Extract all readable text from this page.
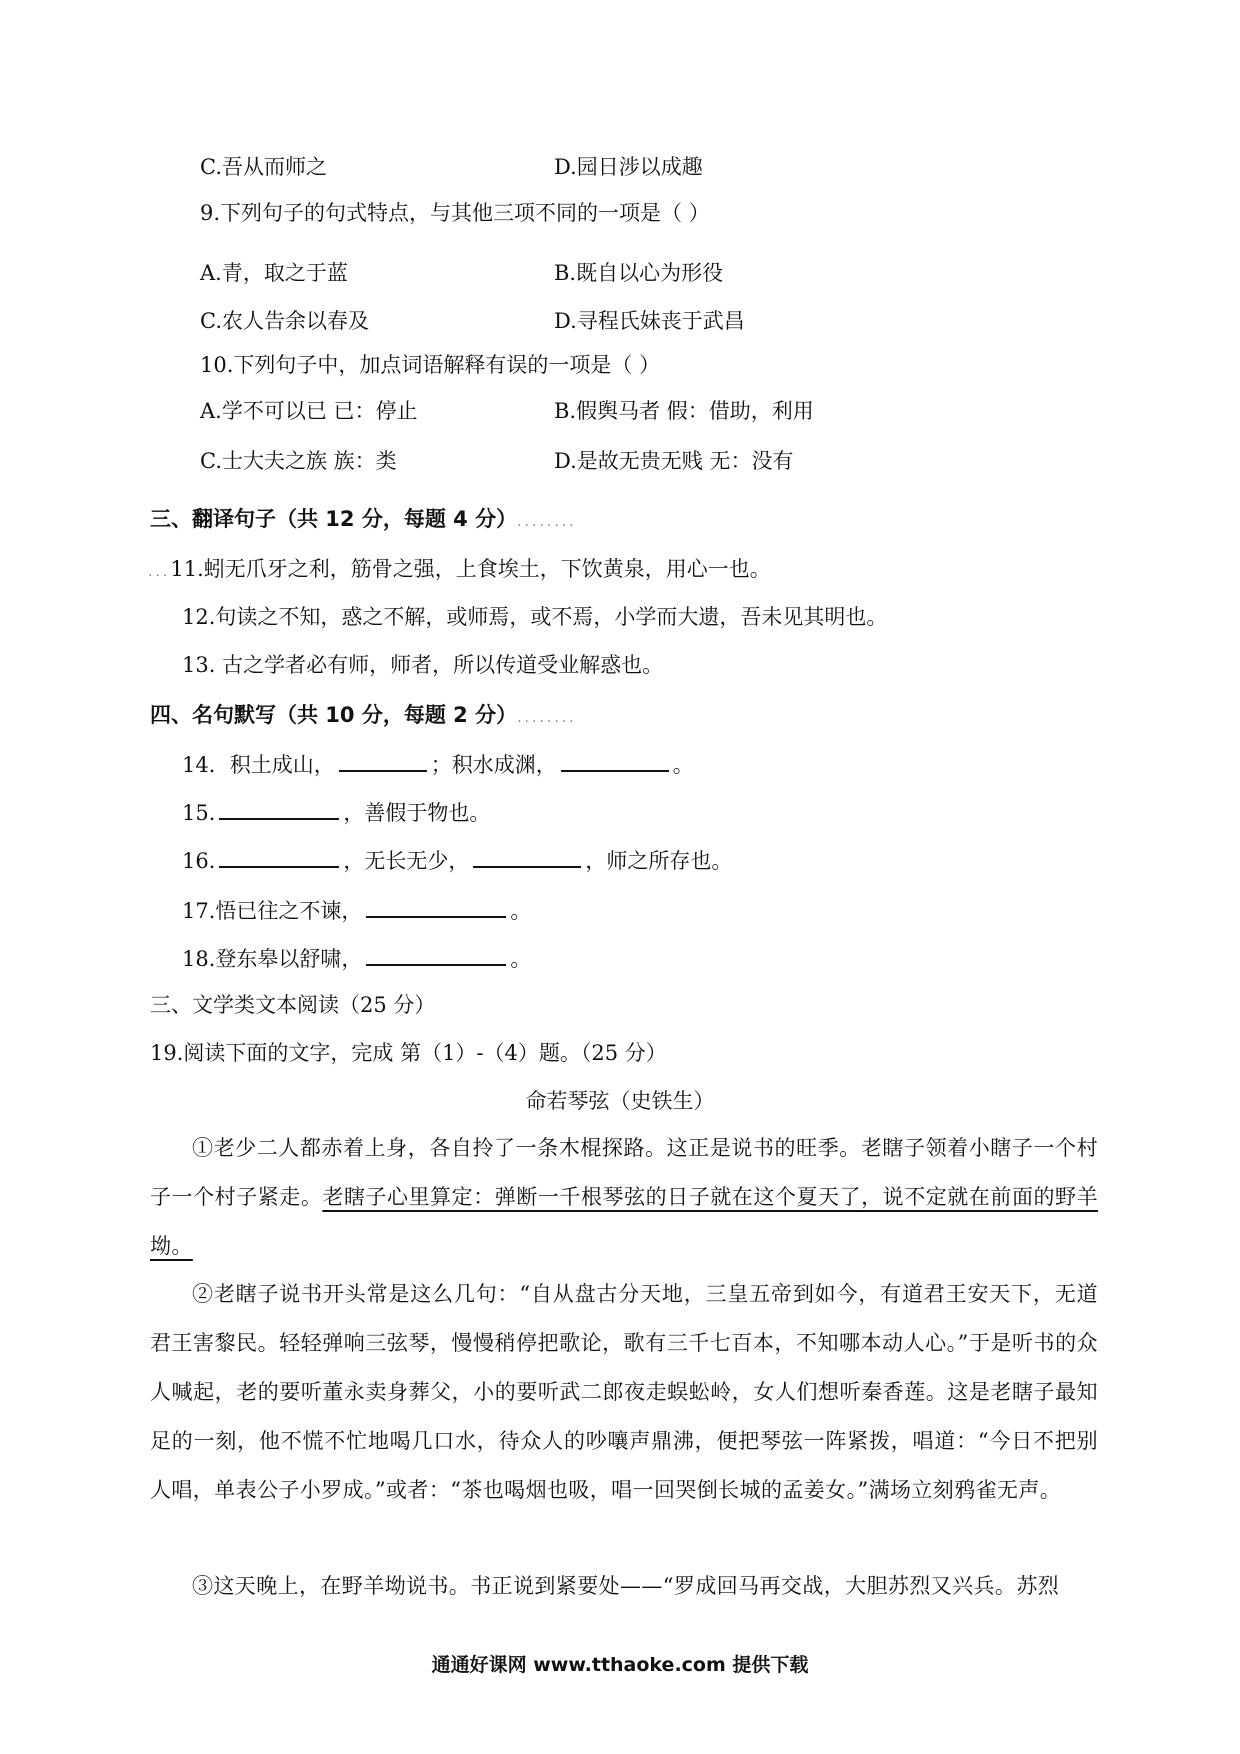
C.吾从而师之	D.园日涉以成趣
9.下列句子的句式特点，与其他三项不同的一项是（ ）
A.青，取之于蓝	B.既自以心为形役
C.农人告余以春及	D.寻程氏妹丧于武昌
10.下列句子中，加点词语解释有误的一项是（ ）
A.学不可以已 已：停止	B.假舆马者 假：借助，利用
C.士大夫之族 族：类	D.是故无贵无贱 无：没有
三、翻译句子（共 12 分，每题 4 分）........
...11.蚓无爪牙之利，筋骨之强，上食埃土，下饮黄泉，用心一也。
12.句读之不知，惑之不解，或师焉，或不焉，小学而大遗，吾未见其明也。
13. 古之学者必有师，师者，所以传道受业解惑也。
四、名句默写（共 10 分，每题 2 分）........
14．积土成山，	；积水成渊，	。
15.	，善假于物也。
16.	，无长无少，	，师之所存也。
17.悟已往之不谏，	。
18.登东皋以舒啸，	。
三、文学类文本阅读（25 分）
19.阅读下面的文字，完成 第（1）-（4）题。（25 分）
命若琴弦（史铁生）
①老少二人都赤着上身，各自拎了一条木棍探路。这正是说书的旺季。老瞎子领着小瞎子一个村子一个村子紧走。老瞎子心里算定：弹断一千根琴弦的日子就在这个夏天了，说不定就在前面的野羊坳。
②老瞎子说书开头常是这么几句：“自从盘古分天地，三皇五帝到如今，有道君王安天下，无道君王害黎民。轻轻弹响三弦琴，慢慢稍停把歌论，歌有三千七百本，不知哪本动人心。”于是听书的众人喊起，老的要听董永卖身葬父，小的要听武二郎夜走蜈蚣岭，女人们想听秦香莲。这是老瞎子最知足的一刻，他不慌不忙地喝几口水，待众人的吵嚷声鼎沸，便把琴弦一阵紧拨，唱道：“今日不把别人唱，单表公子小罗成。”或者：“茶也喝烟也吸，唱一回哭倒长城的孟姜女。”满场立刻鸦雀无声。
③这天晚上，在野羊坳说书。书正说到紧要处——“罗成回马再交战，大胆苏烈又兴兵。苏烈
通通好课网 www.tthaoke.com 提供下载
